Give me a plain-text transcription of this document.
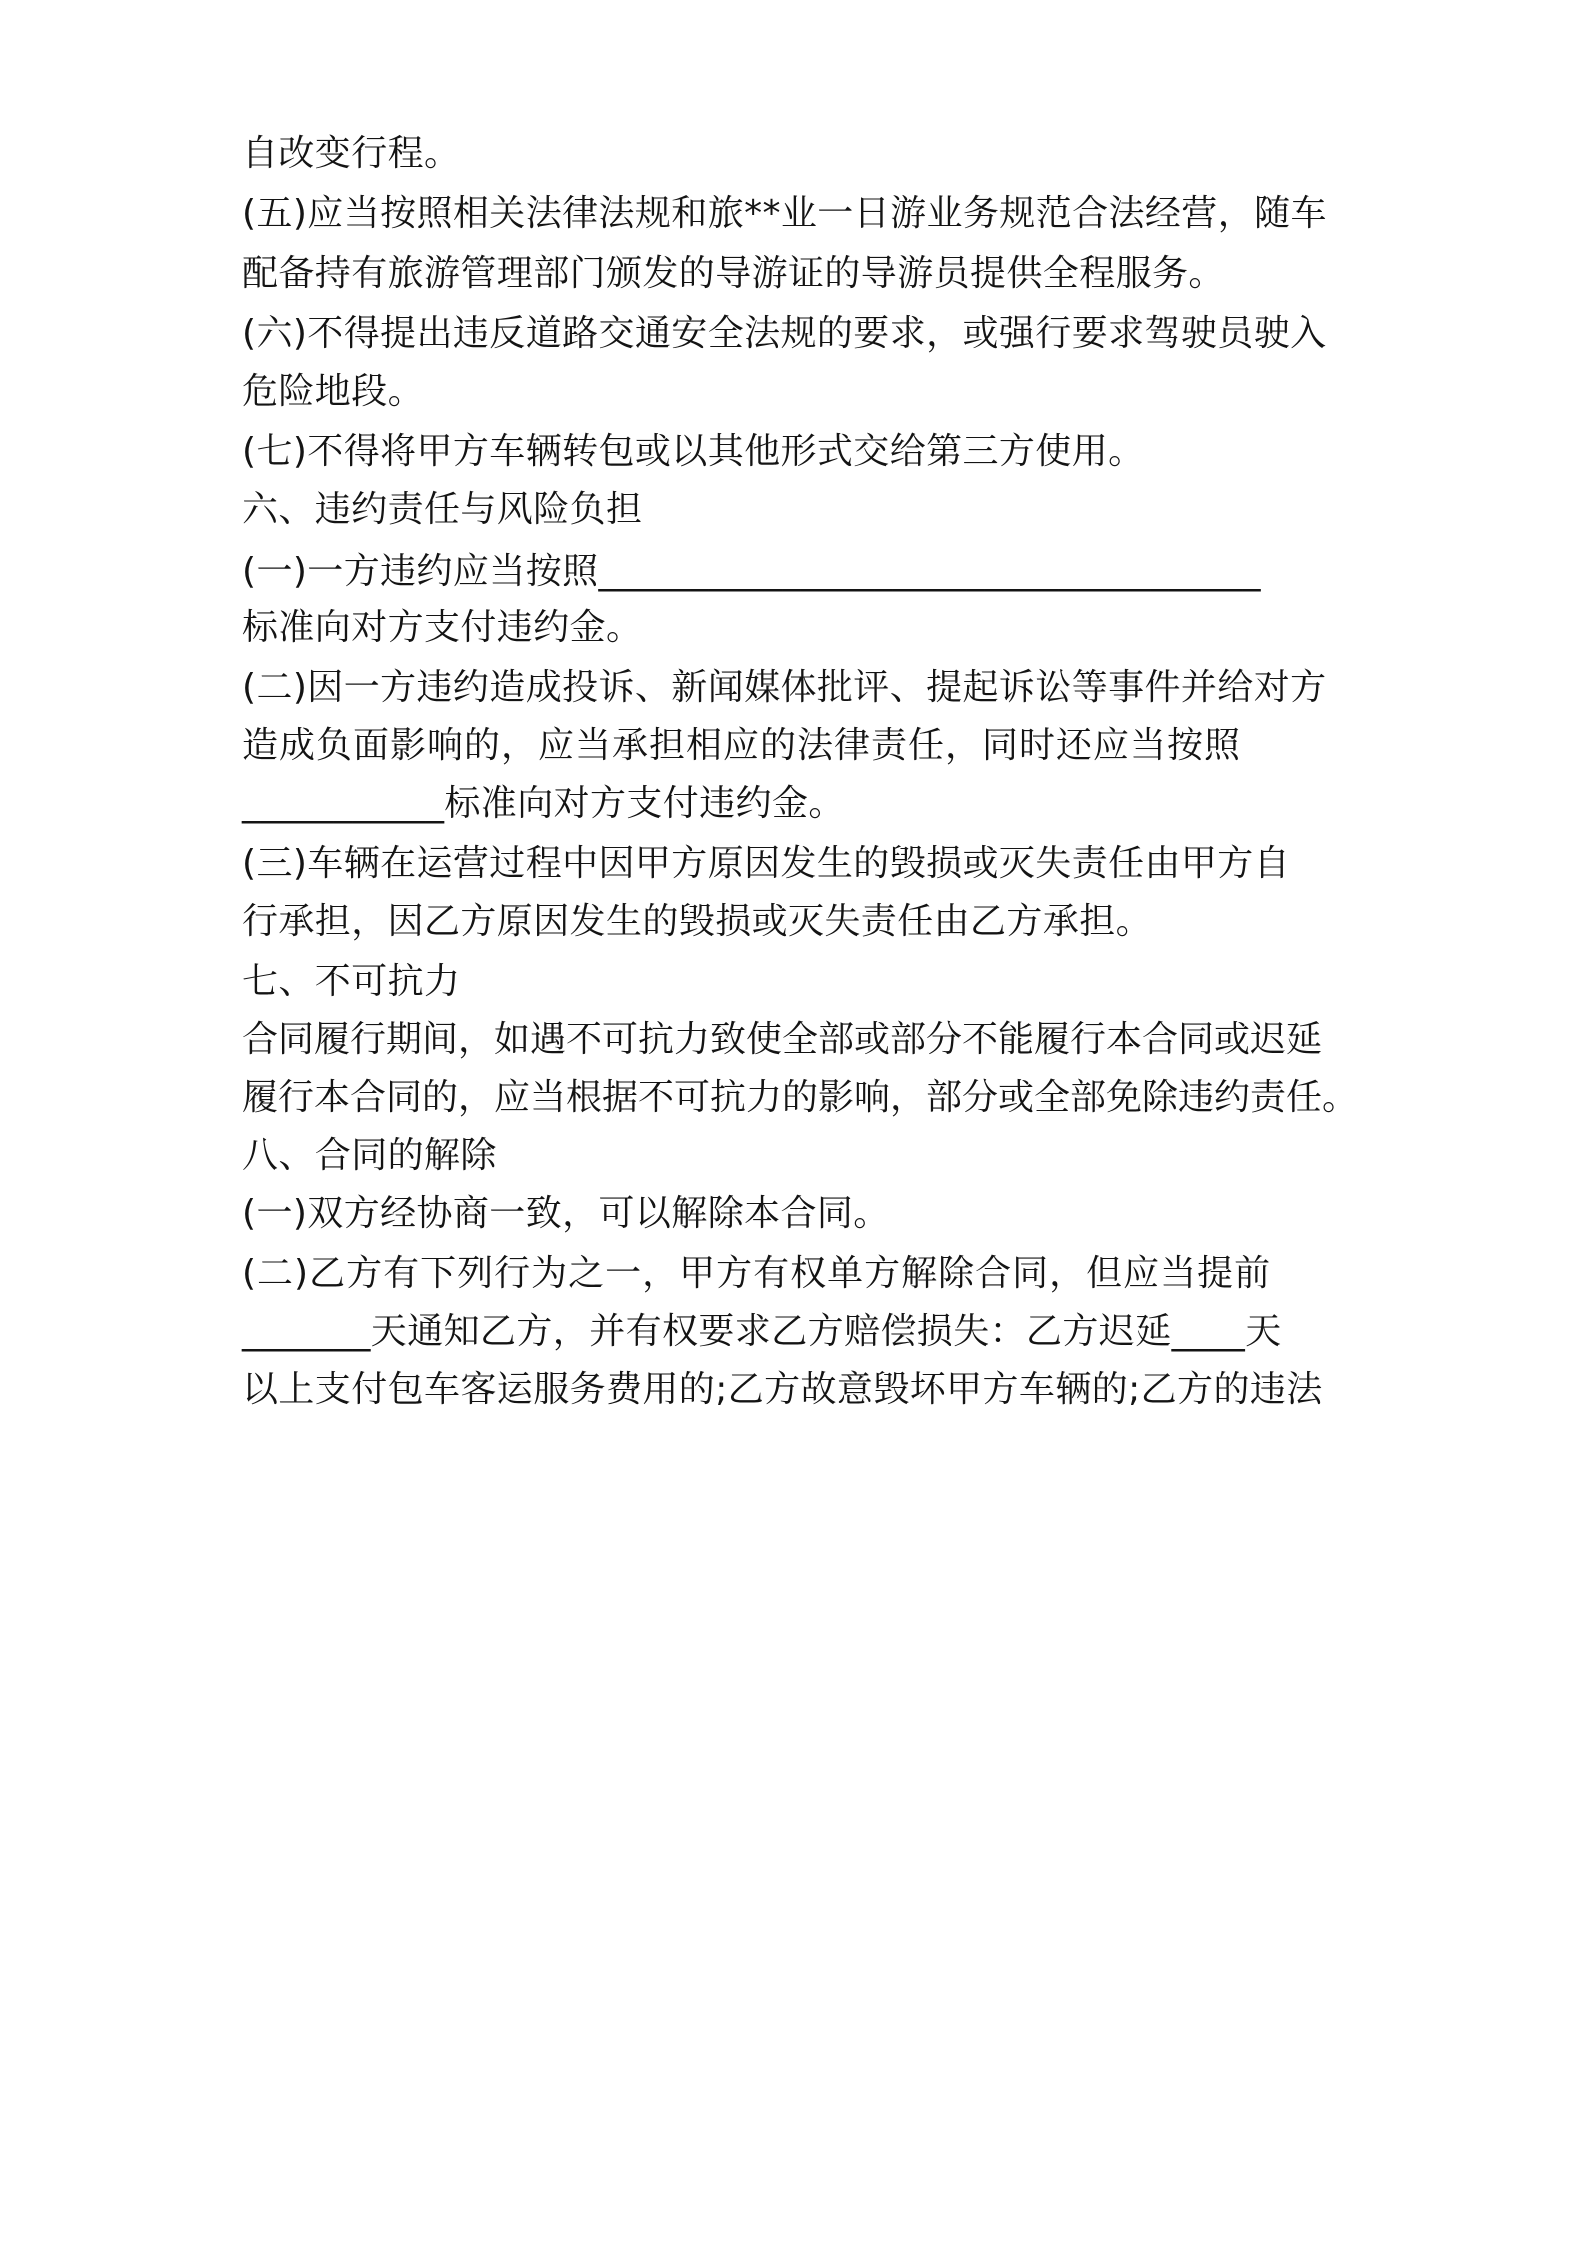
自改变行程。
(五)应当按照相关法律法规和旅**业一日游业务规范合法经营，随车
配备持有旅游管理部门颁发的导游证的导游员提供全程服务。
(六)不得提出违反道路交通安全法规的要求，或强行要求驾驶员驶入
危险地段。
(七)不得将甲方车辆转包或以其他形式交给第三方使用。
六、违约责任与风险负担
(一)一方违约应当按照____________________________________
标准向对方支付违约金。
(二)因一方违约造成投诉、新闻媒体批评、提起诉讼等事件并给对方
造成负面影响的，应当承担相应的法律责任，同时还应当按照
___________标准向对方支付违约金。
(三)车辆在运营过程中因甲方原因发生的毁损或灭失责任由甲方自
行承担，因乙方原因发生的毁损或灭失责任由乙方承担。
七、不可抗力
合同履行期间，如遇不可抗力致使全部或部分不能履行本合同或迟延
履行本合同的，应当根据不可抗力的影响，部分或全部免除违约责任。
八、合同的解除
(一)双方经协商一致，可以解除本合同。
(二)乙方有下列行为之一，甲方有权单方解除合同，但应当提前
_______天通知乙方，并有权要求乙方赔偿损失：乙方迟延____天
以上支付包车客运服务费用的;乙方故意毁坏甲方车辆的;乙方的违法
